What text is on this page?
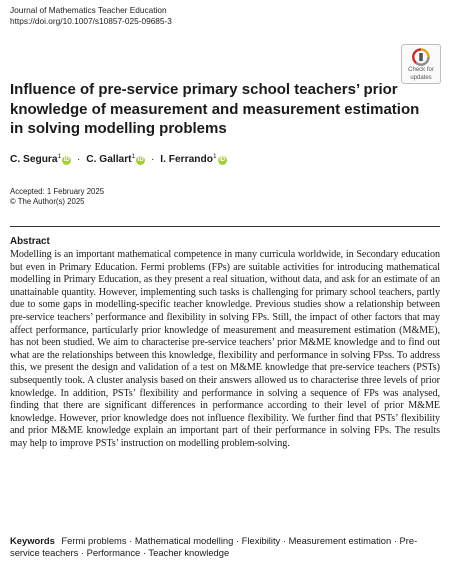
Journal of Mathematics Teacher Education
https://doi.org/10.1007/s10857-025-09685-3
Check for
updates
Influence of pre-service primary school teachers’ prior knowledge of measurement and measurement estimation in solving modelling problems
C. Segura$^1$ iD · C. Gallart$^1$ iD · I. Ferrando$^1$ iD
Accepted: 1 February 2025
© The Author(s) 2025
Abstract

Modelling is an important mathematical competence in many curricula worldwide, in Secondary education but even in Primary Education. Fermi problems (FPs) are suitable activities for introducing mathematical modelling in Primary Education, as they present a real situation, without data, and ask for an estimate of an unattainable quantity. However, implementing such tasks is challenging for primary school teachers, partly due to some gaps in modelling-specific teacher knowledge. Previous studies show a relationship between pre-service teachers’ performance and flexibility in solving FPs. Still, the impact of other factors that may affect performance, particularly prior knowledge of measurement and measurement estimation (M&ME), has not been studied. We aim to characterise pre-service teachers’ prior M&ME knowledge and to find out what are the relationships between this knowledge, flexibility and performance in solving FPss. To address this, we present the design and validation of a test on M&ME knowledge that pre-service teachers (PSTs) subsequently took. A cluster analysis based on their answers allowed us to characterise three levels of prior knowledge. In addition, PSTs’ flexibility and performance in solving a sequence of FPs was analysed, finding that there are significant differences in performance according to their level of prior M&ME knowledge. However, prior knowledge does not influence flexibility. We further find that PSTs’ flexibility and prior M&ME knowledge explain an important part of their performance in solving FPs. The results may help to improve PSTs’ instruction on modelling problem-solving.

Keywords Fermi problems · Mathematical modelling · Flexibility · Measurement estimation · Pre-service teachers · Performance · Teacher knowledge
